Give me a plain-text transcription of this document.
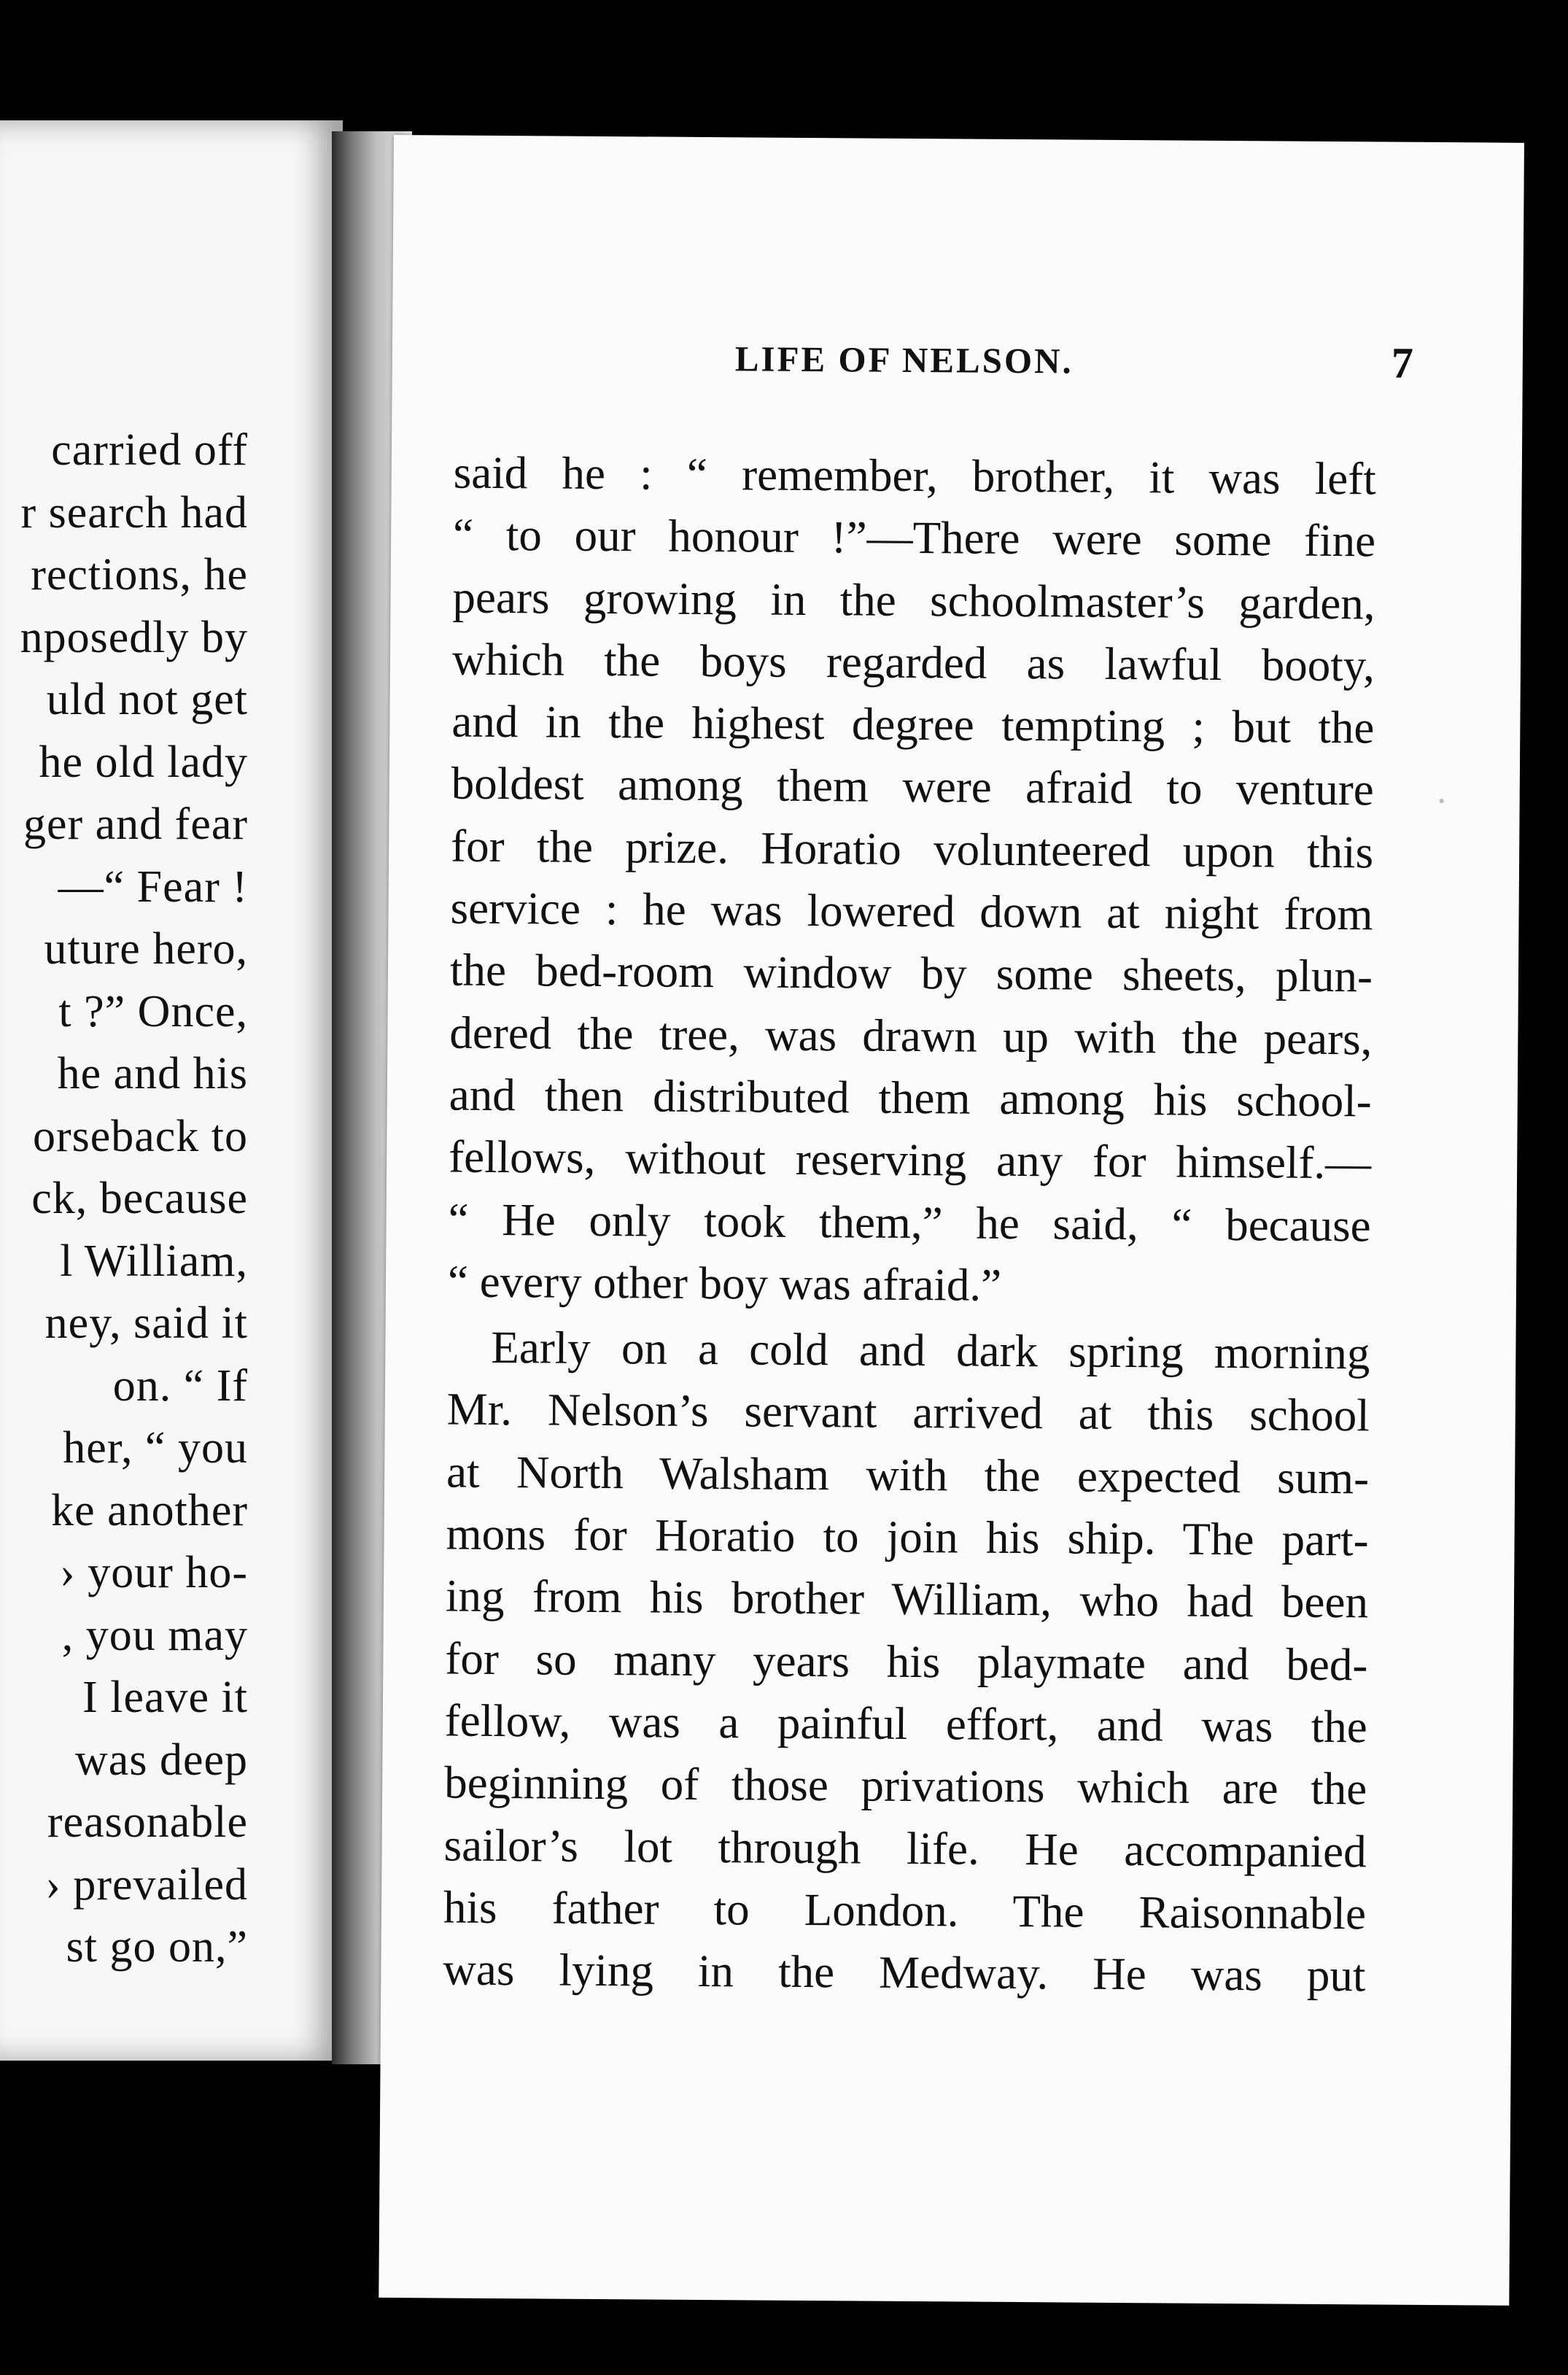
carried off
r search had
rections, he
nposedly by
uld not get
he old lady
ger and fear
—“ Fear !
uture hero,
t ?” Once,
he and his
orseback to
ck, because
l William,
ney, said it
on. “ If
her, “ you
ke another
› your ho-
, you may
I leave it
was deep
reasonable
› prevailed
st go on,”
LIFE OF NELSON.	7
said he : “ remember, brother, it was left
“ to our honour !”—There were some fine
pears growing in the schoolmaster’s garden,
which the boys regarded as lawful booty,
and in the highest degree tempting ; but the
boldest among them were afraid to venture
for the prize. Horatio volunteered upon this
service : he was lowered down at night from
the bed-room window by some sheets, plun-
dered the tree, was drawn up with the pears,
and then distributed them among his school-
fellows, without reserving any for himself.—
“ He only took them,” he said, “ because
“ every other boy was afraid.”
Early on a cold and dark spring morning
Mr. Nelson’s servant arrived at this school
at North Walsham with the expected sum-
mons for Horatio to join his ship. The part-
ing from his brother William, who had been
for so many years his playmate and bed-
fellow, was a painful effort, and was the
beginning of those privations which are the
sailor’s lot through life. He accompanied
his father to London. The Raisonnable
was lying in the Medway. He was put
